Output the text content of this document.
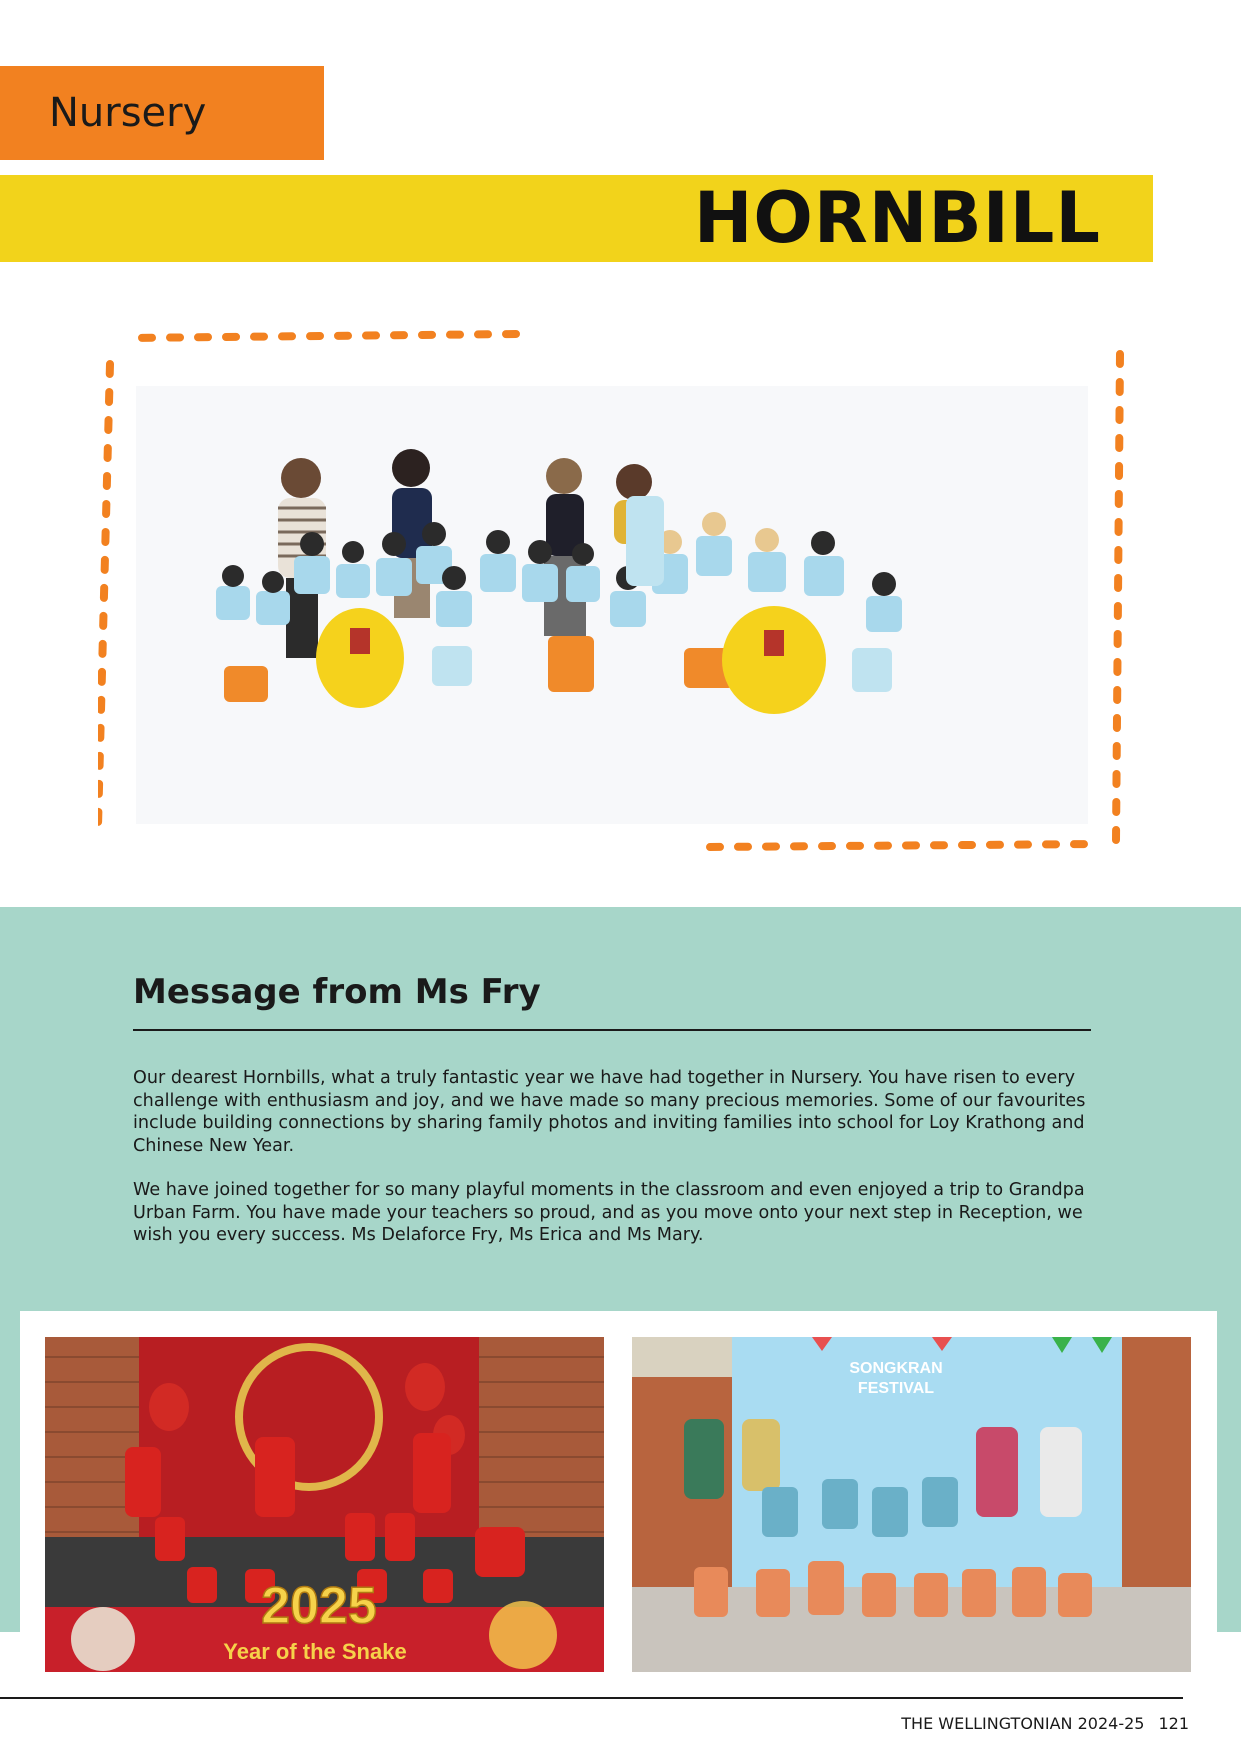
Nursery
HORNBILL
Message from Ms Fry

Our dearest Hornbills, what a truly fantastic year we have had together in Nursery. You have risen to every challenge with enthusiasm and joy, and we have made so many precious memories. Some of our favourites include building connections by sharing family photos and inviting families into school for Loy Krathong and Chinese New Year.

We have joined together for so many playful moments in the classroom and even enjoyed a trip to Grandpa Urban Farm. You have made your teachers so proud, and as you move onto your next step in Reception, we wish you every success. Ms Delaforce Fry, Ms Erica and Ms Mary.

2025
Year of the Snake
SONGKRAN
FESTIVAL
THE WELLINGTONIAN 2024-25 121
